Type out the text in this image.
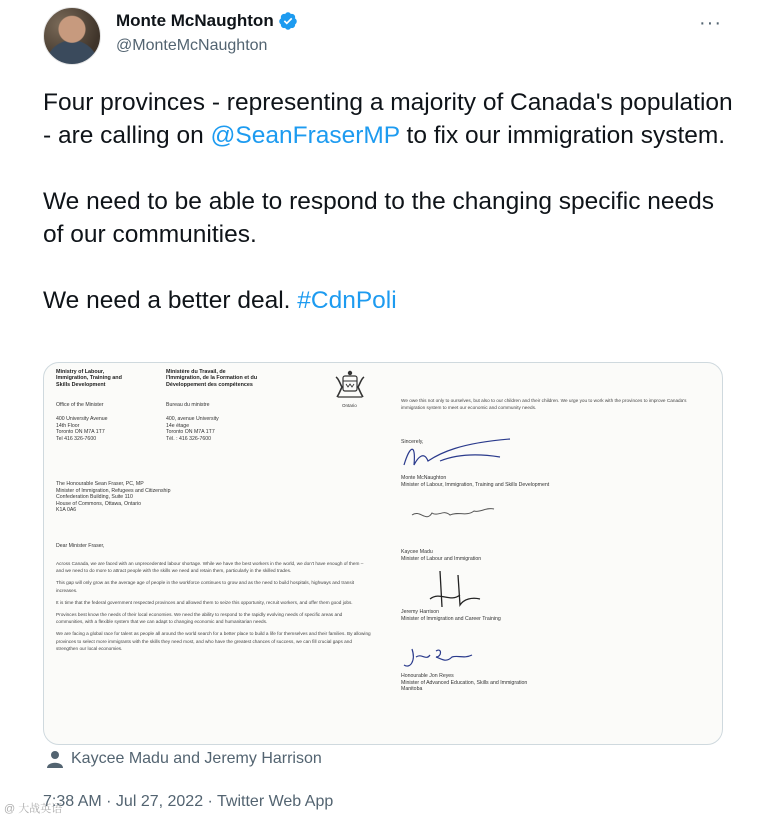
Monte McNaughton
@MonteMcNaughton
···

Four provinces - representing a majority of Canada's population - are calling on @SeanFraserMP to fix our immigration system.

We need to be able to respond to the changing specific needs of our communities.

We need a better deal. #CdnPoli

Ministry of Labour,
Immigration, Training and
Skills Development
Ministère du Travail, de
l'Immigration, de la Formation et du
Développement des compétences
Office of the Minister	Bureau du ministre
400 University Avenue
14th Floor
Toronto ON M7A 1T7
Tel 416 326-7600
400, avenue University
14e étage
Toronto ON M7A 1T7
Tél. : 416 326-7600
Ontario
The Honourable Sean Fraser, PC, MP
Minister of Immigration, Refugees and Citizenship
Confederation Building, Suite 110
House of Commons, Ottawa, Ontario
K1A 0A6
Dear Minister Fraser,
Across Canada, we are faced with an unprecedented labour shortage. While we have the best workers in the world, we don't have enough of them – and we need to do more to attract people with the skills we need and retain them, particularly in the skilled trades.
This gap will only grow as the average age of people in the workforce continues to grow and as the need to build hospitals, highways and transit increases.
It is time that the federal government respected provinces and allowed them to seize this opportunity, recruit workers, and offer them good jobs.
Provinces best know the needs of their local economies. We need the ability to respond to the rapidly evolving needs of specific areas and communities, with a flexible system that we can adapt to changing economic and humanitarian needs.
We are facing a global race for talent as people all around the world search for a better place to build a life for themselves and their families. By allowing provinces to select more immigrants with the skills they need most, and who have the greatest chances of success, we can fill crucial gaps and strengthen our local economies.
We owe this not only to ourselves, but also to our children and their children. We urge you to work with the provinces to improve Canada's immigration system to meet our economic and community needs.
Sincerely,
Monte McNaughton
Minister of Labour, Immigration, Training and Skills Development
Kaycee Madu
Minister of Labour and Immigration
Jeremy Harrison
Minister of Immigration and Career Training
Honourable Jon Reyes
Minister of Advanced Education, Skills and Immigration
Manitoba
Kaycee Madu and Jeremy Harrison
7:38 AM · Jul 27, 2022 · Twitter Web App
@ 大战英语
